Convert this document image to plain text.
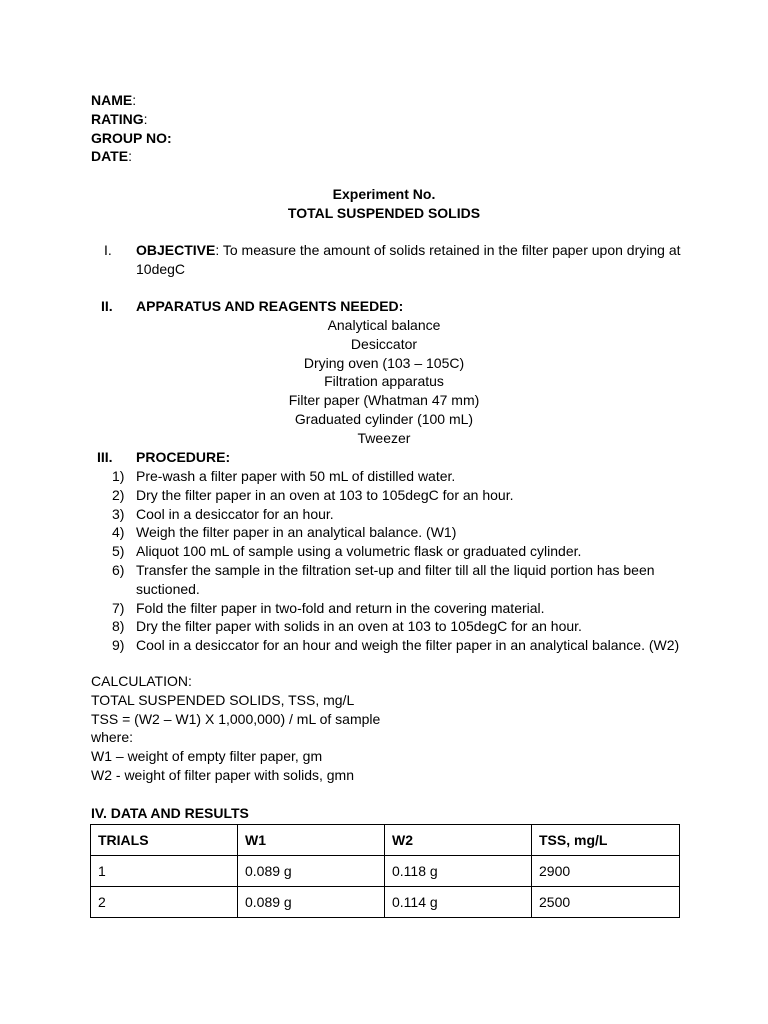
NAME:
RATING:
GROUP NO:
DATE:
Experiment No.
TOTAL SUSPENDED SOLIDS
I.	OBJECTIVE: To measure the amount of solids retained in the filter paper upon drying at 10degC
II.	APPARATUS AND REAGENTS NEEDED:
Analytical balance
Desiccator
Drying oven (103 – 105C)
Filtration apparatus
Filter paper (Whatman 47 mm)
Graduated cylinder (100 mL)
Tweezer
III.	PROCEDURE:
1) Pre-wash a filter paper with 50 mL of distilled water.
2) Dry the filter paper in an oven at 103 to 105degC for an hour.
3) Cool in a desiccator for an hour.
4) Weigh the filter paper in an analytical balance. (W1)
5) Aliquot 100 mL of sample using a volumetric flask or graduated cylinder.
6) Transfer the sample in the filtration set-up and filter till all the liquid portion has been suctioned.
7) Fold the filter paper in two-fold and return in the covering material.
8) Dry the filter paper with solids in an oven at 103 to 105degC for an hour.
9) Cool in a desiccator for an hour and weigh the filter paper in an analytical balance. (W2)
CALCULATION:
TOTAL SUSPENDED SOLIDS, TSS, mg/L
TSS = (W2 – W1) X 1,000,000) / mL of sample
where:
W1 – weight of empty filter paper, gm
W2 - weight of filter paper with solids, gmn
IV. DATA AND RESULTS
TRIALS	W1	W2	TSS, mg/L
1	0.089 g	0.118 g	2900
2	0.089 g	0.114 g	2500
